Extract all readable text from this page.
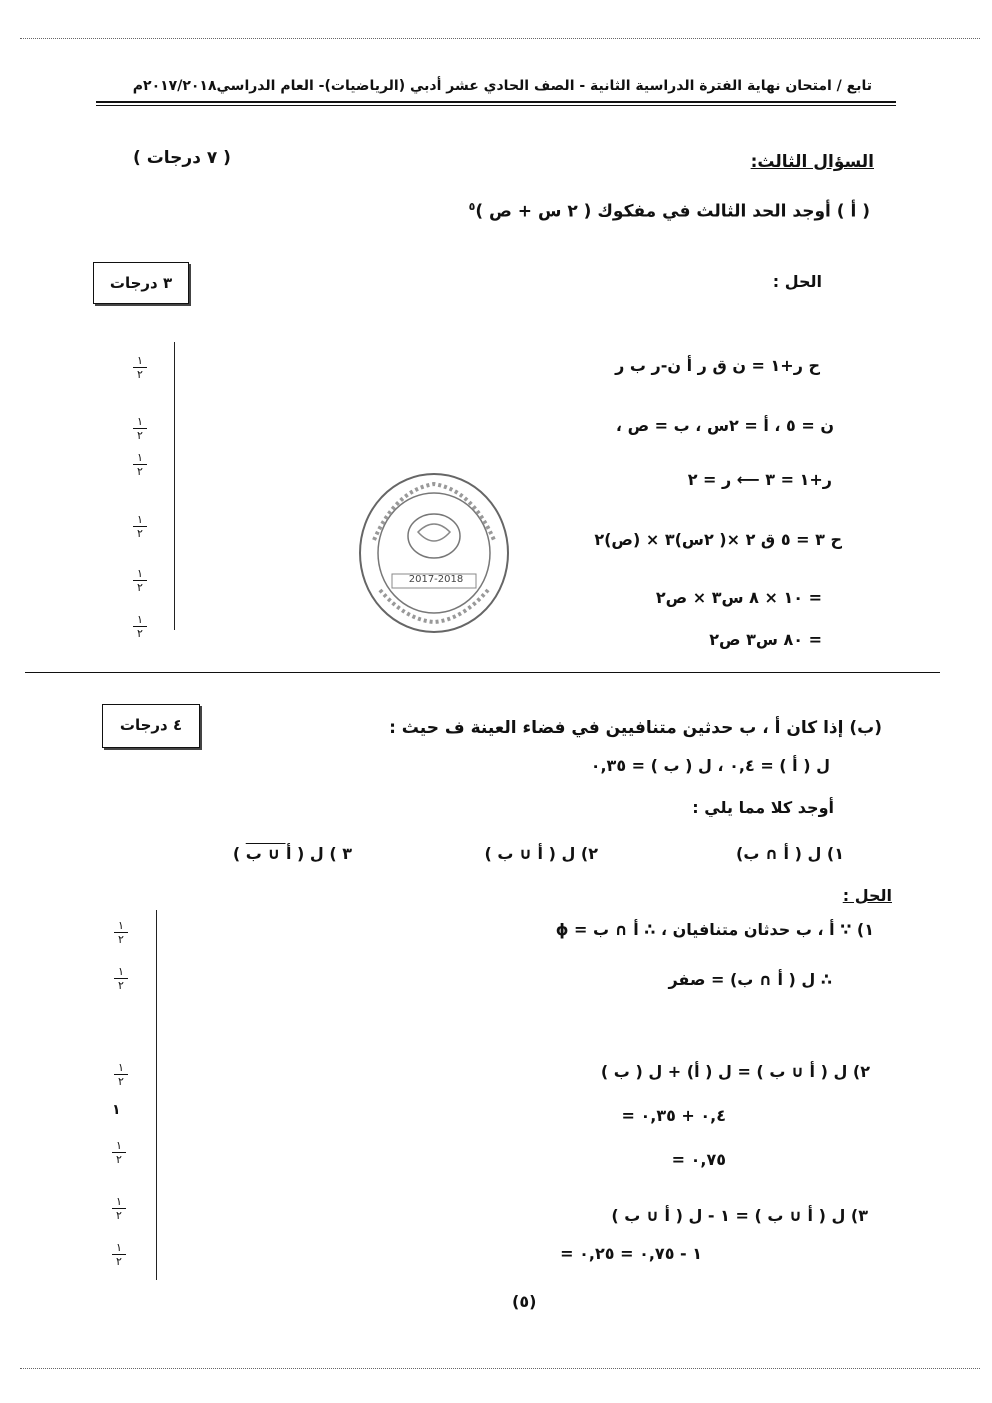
تابع / امتحان نهاية الفترة الدراسية الثانية - الصف الحادي عشر أدبي (الرياضيات)- العام الدراسي٢٠١٧/٢٠١٨م
السؤال الثالث:
( ٧ درجات )
( أ ) أوجد الحد الثالث في مفكوك ( ٢ س + ص )$^٥$
٣ درجات	الحل :
ح ر+١ = ن ق ر أ ن-ر ب ر
ن = ٥ ، أ = ٢س ، ب = ص ،
ر+١ = ٣ ⟵ ر = ٢
ح ٣ = ٥ ق ٢ ×( ٢س)٣ × (ص)٢
= ١٠ × ٨ س٣ × ص٢
= ٨٠ س٣ ص٢
١
٢
١
٢
١
٢
١
٢
١
٢
١
٢
2017-2018
(ب) إذا كان أ ، ب حدثين متنافيين في فضاء العينة ف حيث :
٤ درجات
ل ( أ ) = ٠,٤ ، ل ( ب ) = ٠,٣٥
أوجد كلا مما يلي :
١) ل ( أ ∩ ب)
٢) ل ( أ ∪ ب )
٣ ) ل ( أ ∪ ب )
الحل :
١) ∵ أ ، ب حدثان متنافيان ، ∴ أ ∩ ب = ϕ
∴ ل ( أ ∩ ب) = صفر
٢) ل ( أ ∪ ب ) = ل ( أ) + ل ( ب )
= ٠,٤ + ٠,٣٥
= ٠,٧٥
٣) ل ( أ ∪ ب ) = ١ - ل ( أ ∪ ب )
= ١ - ٠,٧٥ = ٠,٢٥
١
٢
١
٢
١
٢
١
١
٢
١
٢
١
٢
(٥)
